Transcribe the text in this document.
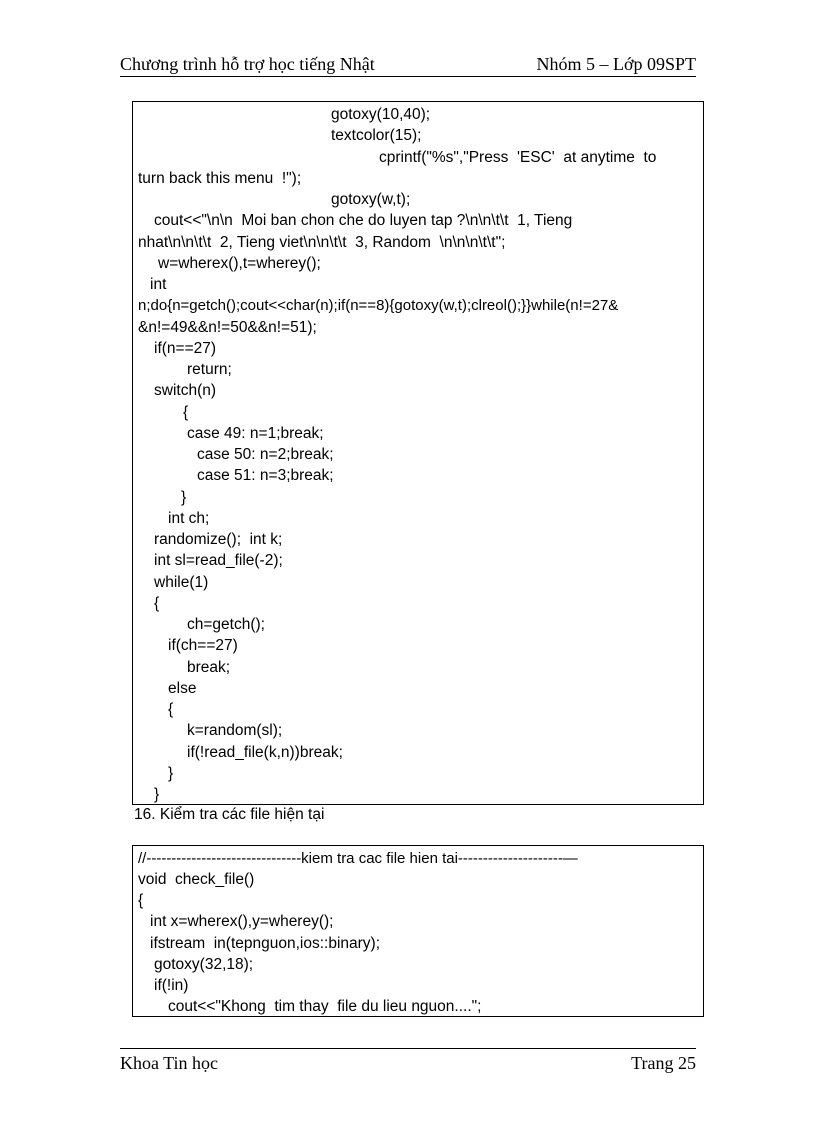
Chương trình hỗ trợ học tiếng Nhật	Nhóm 5 – Lớp 09SPT
gotoxy(10,40);
textcolor(15);
cprintf("%s","Press  'ESC'  at anytime  to
turn back this menu  !");
gotoxy(w,t);
cout<<"\n\n  Moi ban chon che do luyen tap ?\n\n\t\t  1, Tieng
nhat\n\n\t\t  2, Tieng viet\n\n\t\t  3, Random  \n\n\n\t\t";
w=wherex(),t=wherey();
int
n;do{n=getch();cout<<char(n);if(n==8){gotoxy(w,t);clreol();}}while(n!=27&
&n!=49&&n!=50&&n!=51);
if(n==27)
return;
switch(n)
{
case 49: n=1;break;
case 50: n=2;break;
case 51: n=3;break;
}
int ch;
randomize();  int k;
int sl=read_file(-2);
while(1)
{
ch=getch();
if(ch==27)
break;
else
{
k=random(sl);
if(!read_file(k,n))break;
}
}
16. Kiểm tra các file hiện tại
//-------------------------------kiem tra cac file hien tai---------------------—
void  check_file()
{
int x=wherex(),y=wherey();
ifstream  in(tepnguon,ios::binary);
gotoxy(32,18);
if(!in)
cout<<"Khong  tim thay  file du lieu nguon....";
Khoa Tin học	Trang 25
